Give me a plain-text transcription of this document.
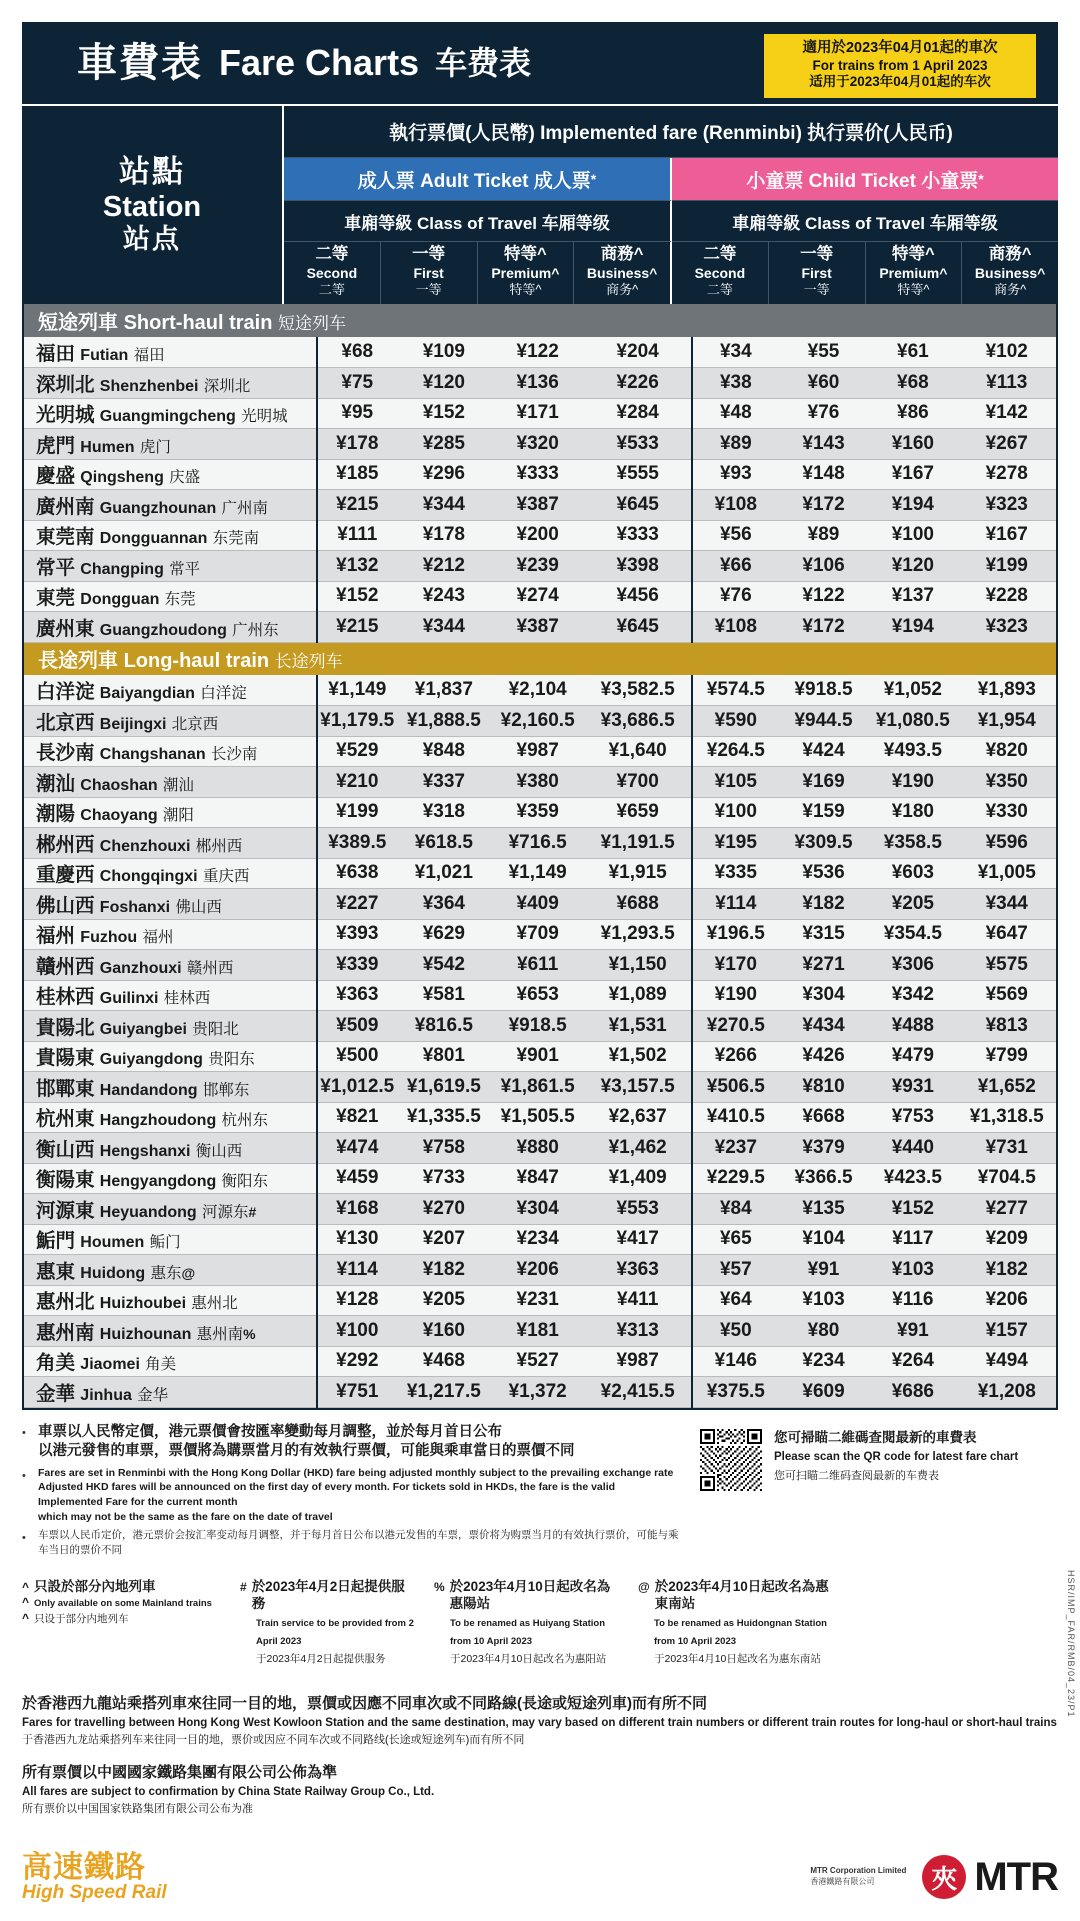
車費表 Fare Charts 车费表	適用於2023年04月01起的車次
For trains from 1 April 2023
适用于2023年04月01起的车次
站點
Station
站点
執行票價(人民幣) Implemented fare (Renminbi) 执行票价(人民币)
成人票 Adult Ticket 成人票 *	小童票 Child Ticket 小童票 *
車廂等級 Class of Travel 车厢等级	車廂等級 Class of Travel 车厢等级
二等
Second
二等
一等
First
一等
特等^
Premium^
特等^
商務^
Business^
商务^
二等
Second
二等
一等
First
一等
特等^
Premium^
特等^
商務^
Business^
商务^
短途列車 Short-haul train 短途列车								
福田 Futian 福田	¥68	¥109	¥122	¥204	¥34	¥55	¥61	¥102
深圳北 Shenzhenbei 深圳北	¥75	¥120	¥136	¥226	¥38	¥60	¥68	¥113
光明城 Guangmingcheng 光明城	¥95	¥152	¥171	¥284	¥48	¥76	¥86	¥142
虎門 Humen 虎门	¥178	¥285	¥320	¥533	¥89	¥143	¥160	¥267
慶盛 Qingsheng 庆盛	¥185	¥296	¥333	¥555	¥93	¥148	¥167	¥278
廣州南 Guangzhounan 广州南	¥215	¥344	¥387	¥645	¥108	¥172	¥194	¥323
東莞南 Dongguannan 东莞南	¥111	¥178	¥200	¥333	¥56	¥89	¥100	¥167
常平 Changping 常平	¥132	¥212	¥239	¥398	¥66	¥106	¥120	¥199
東莞 Dongguan 东莞	¥152	¥243	¥274	¥456	¥76	¥122	¥137	¥228
廣州東 Guangzhoudong 广州东	¥215	¥344	¥387	¥645	¥108	¥172	¥194	¥323
長途列車 Long-haul train 长途列车								
白洋淀 Baiyangdian 白洋淀	¥1,149	¥1,837	¥2,104	¥3,582.5	¥574.5	¥918.5	¥1,052	¥1,893
北京西 Beijingxi 北京西	¥1,179.5	¥1,888.5	¥2,160.5	¥3,686.5	¥590	¥944.5	¥1,080.5	¥1,954
長沙南 Changshanan 长沙南	¥529	¥848	¥987	¥1,640	¥264.5	¥424	¥493.5	¥820
潮汕 Chaoshan 潮汕	¥210	¥337	¥380	¥700	¥105	¥169	¥190	¥350
潮陽 Chaoyang 潮阳	¥199	¥318	¥359	¥659	¥100	¥159	¥180	¥330
郴州西 Chenzhouxi 郴州西	¥389.5	¥618.5	¥716.5	¥1,191.5	¥195	¥309.5	¥358.5	¥596
重慶西 Chongqingxi 重庆西	¥638	¥1,021	¥1,149	¥1,915	¥335	¥536	¥603	¥1,005
佛山西 Foshanxi 佛山西	¥227	¥364	¥409	¥688	¥114	¥182	¥205	¥344
福州 Fuzhou 福州	¥393	¥629	¥709	¥1,293.5	¥196.5	¥315	¥354.5	¥647
贛州西 Ganzhouxi 赣州西	¥339	¥542	¥611	¥1,150	¥170	¥271	¥306	¥575
桂林西 Guilinxi 桂林西	¥363	¥581	¥653	¥1,089	¥190	¥304	¥342	¥569
貴陽北 Guiyangbei 贵阳北	¥509	¥816.5	¥918.5	¥1,531	¥270.5	¥434	¥488	¥813
貴陽東 Guiyangdong 贵阳东	¥500	¥801	¥901	¥1,502	¥266	¥426	¥479	¥799
邯鄲東 Handandong 邯郸东	¥1,012.5	¥1,619.5	¥1,861.5	¥3,157.5	¥506.5	¥810	¥931	¥1,652
杭州東 Hangzhoudong 杭州东	¥821	¥1,335.5	¥1,505.5	¥2,637	¥410.5	¥668	¥753	¥1,318.5
衡山西 Hengshanxi 衡山西	¥474	¥758	¥880	¥1,462	¥237	¥379	¥440	¥731
衡陽東 Hengyangdong 衡阳东	¥459	¥733	¥847	¥1,409	¥229.5	¥366.5	¥423.5	¥704.5
河源東 Heyuandong 河源东#	¥168	¥270	¥304	¥553	¥84	¥135	¥152	¥277
鮜門 Houmen 鲘门	¥130	¥207	¥234	¥417	¥65	¥104	¥117	¥209
惠東 Huidong 惠东@	¥114	¥182	¥206	¥363	¥57	¥91	¥103	¥182
惠州北 Huizhoubei 惠州北	¥128	¥205	¥231	¥411	¥64	¥103	¥116	¥206
惠州南 Huizhounan 惠州南%	¥100	¥160	¥181	¥313	¥50	¥80	¥91	¥157
角美 Jiaomei 角美	¥292	¥468	¥527	¥987	¥146	¥234	¥264	¥494
金華 Jinhua 金华	¥751	¥1,217.5	¥1,372	¥2,415.5	¥375.5	¥609	¥686	¥1,208
• 車票以人民幣定價，港元票價會按匯率變動每月調整，並於每月首日公布
以港元發售的車票，票價將為購票當月的有效執行票價，可能與乘車當日的票價不同
•	Fares are set in Renminbi with the Hong Kong Dollar (HKD) fare being adjusted monthly subject to the prevailing exchange rate
Adjusted HKD fares will be announced on the first day of every month. For tickets sold in HKDs, the fare is the valid Implemented Fare for the current month
which may not be the same as the fare on the date of travel
•	车票以人民币定价，港元票价会按汇率变动每月调整，并于每月首日公布以港元发售的车票，票价将为购票当月的有效执行票价，可能与乘车当日的票价不同
您可掃瞄二維碼查閱最新的車費表
Please scan the QR code for latest fare chart
您可扫瞄二维码查阅最新的车费表
^ 只設於部分內地列車
^ Only available on some Mainland trains
^ 只设于部分内地列车
# 於2023年4月2日起提供服務
Train service to be provided from 2 April 2023
于2023年4月2日起提供服务
% 於2023年4月10日起改名為惠陽站
To be renamed as Huiyang Station from 10 April 2023
于2023年4月10日起改名为惠阳站
@ 於2023年4月10日起改名為惠東南站
To be renamed as Huidongnan Station from 10 April 2023
于2023年4月10日起改名为惠东南站
於香港西九龍站乘搭列車來往同一目的地，票價或因應不同車次或不同路線(長途或短途列車)而有所不同
Fares for travelling between Hong Kong West Kowloon Station and the same destination, may vary based on different train numbers or different train routes for long-haul or short-haul trains
于香港西九龙站乘搭列车来往同一目的地，票价或因应不同车次或不同路线(长途或短途列车)而有所不同
所有票價以中國國家鐵路集團有限公司公佈為準
All fares are subject to confirmation by China State Railway Group Co., Ltd.
所有票价以中国国家铁路集团有限公司公布为准
HSR/IMP_FAR/RMB/04_23/P1
高速鐵路
High Speed Rail
MTR Corporation Limited
香港鐵路有限公司	夾 MTR
